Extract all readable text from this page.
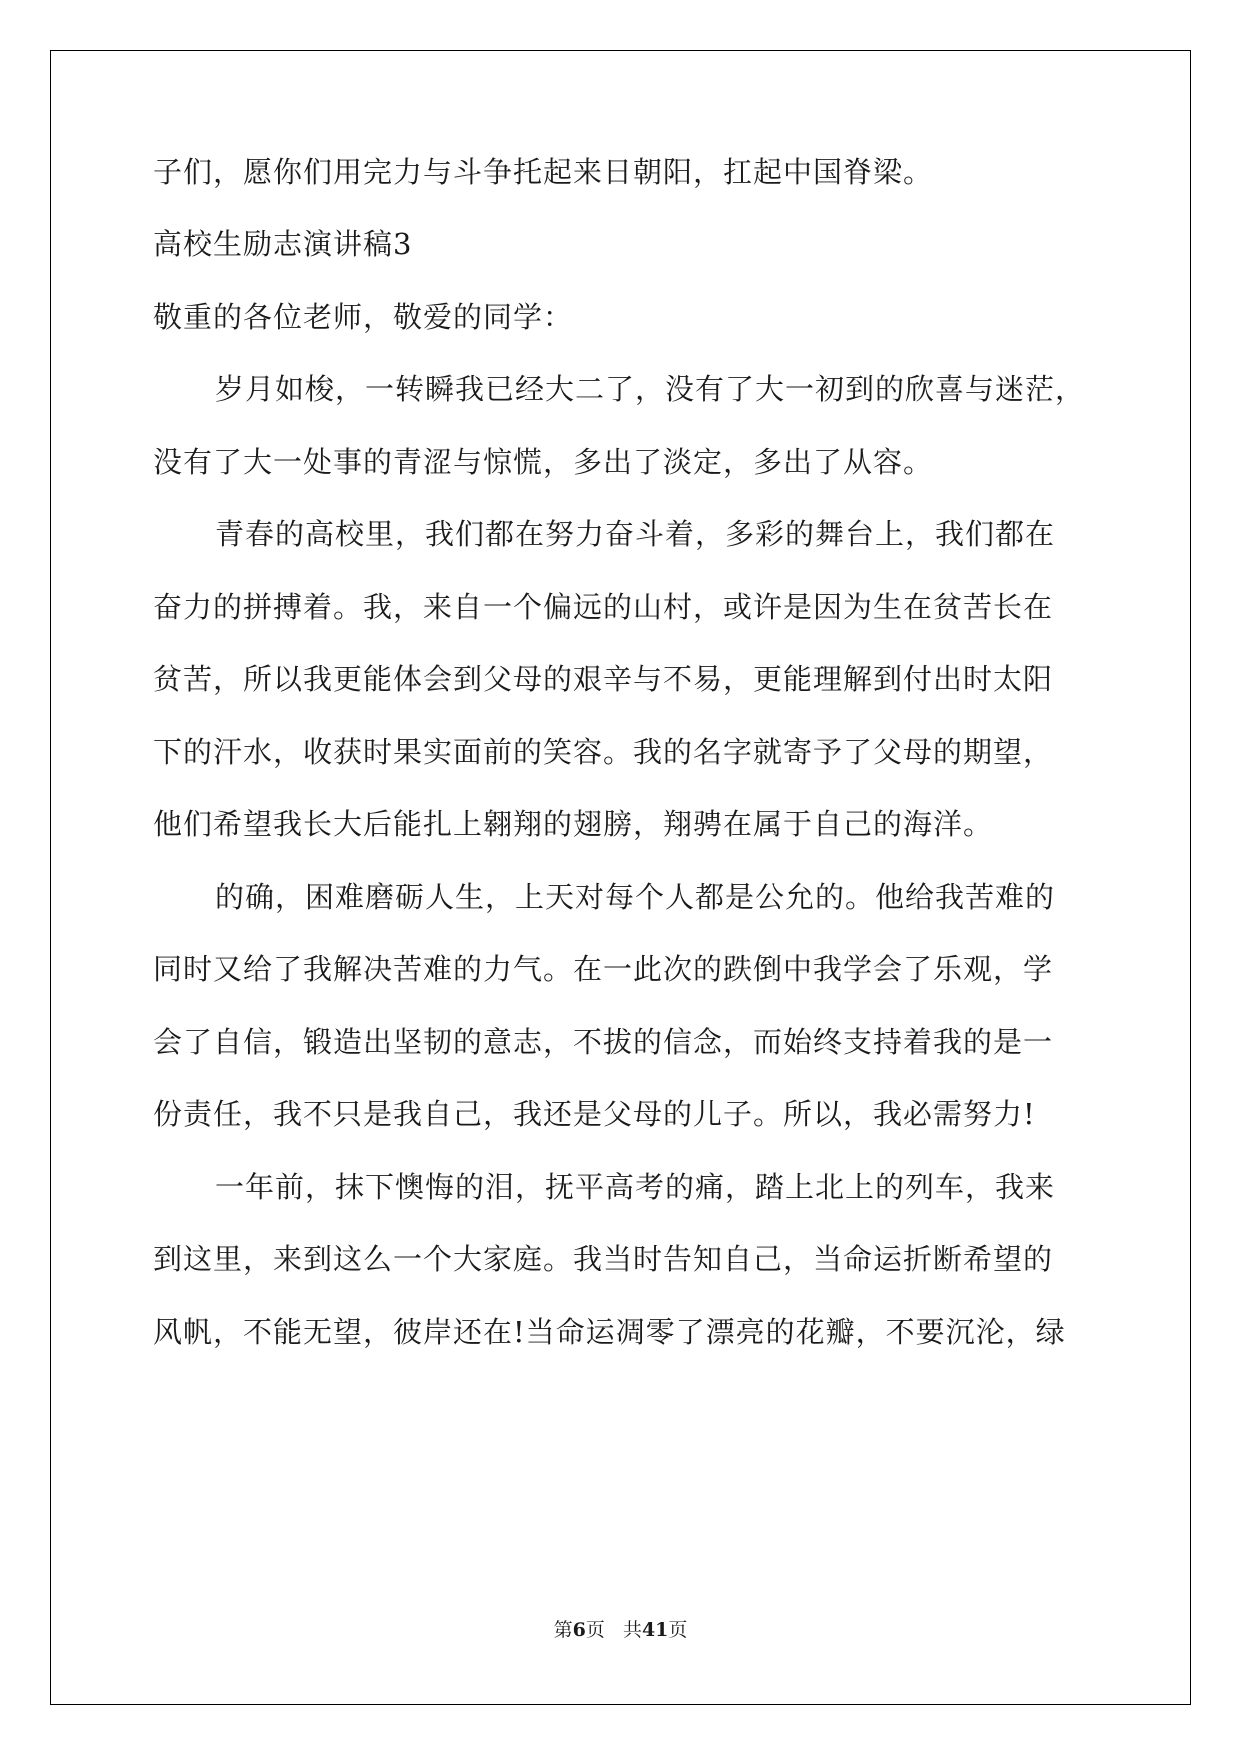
子们，愿你们用完力与斗争托起来日朝阳，扛起中国脊梁。
高校生励志演讲稿3
敬重的各位老师，敬爱的同学：
岁月如梭，一转瞬我已经大二了，没有了大一初到的欣喜与迷茫，
没有了大一处事的青涩与惊慌，多出了淡定，多出了从容。
青春的高校里，我们都在努力奋斗着，多彩的舞台上，我们都在
奋力的拼搏着。我，来自一个偏远的山村，或许是因为生在贫苦长在
贫苦，所以我更能体会到父母的艰辛与不易，更能理解到付出时太阳
下的汗水，收获时果实面前的笑容。我的名字就寄予了父母的期望，
他们希望我长大后能扎上翱翔的翅膀，翔骋在属于自己的海洋。
的确，困难磨砺人生，上天对每个人都是公允的。他给我苦难的
同时又给了我解决苦难的力气。在一此次的跌倒中我学会了乐观，学
会了自信，锻造出坚韧的意志，不拔的信念，而始终支持着我的是一
份责任，我不只是我自己，我还是父母的儿子。所以，我必需努力!
一年前，抹下懊悔的泪，抚平高考的痛，踏上北上的列车，我来
到这里，来到这么一个大家庭。我当时告知自己，当命运折断希望的
风帆，不能无望，彼岸还在!当命运凋零了漂亮的花瓣，不要沉沦，绿
第6页   共41页
